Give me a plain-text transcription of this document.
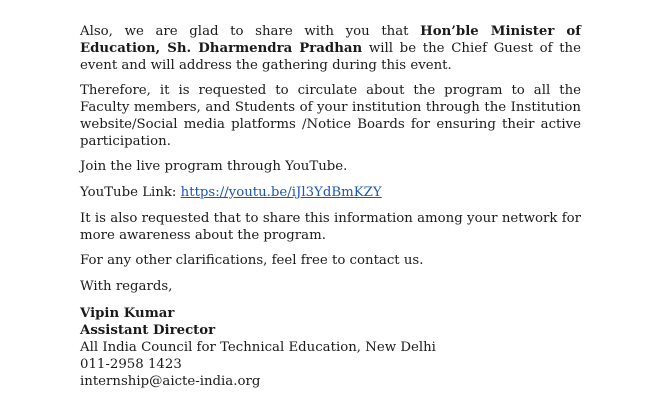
Also, we are glad to share with you that Hon’ble Minister of Education, Sh. Dharmendra Pradhan will be the Chief Guest of the event and will address the gathering during this event.

Therefore, it is requested to circulate about the program to all the Faculty members, and Students of your institution through the Institution website/Social media platforms /Notice Boards for ensuring their active participation.

Join the live program through YouTube.

YouTube Link: https://youtu.be/iJl3YdBmKZY

It is also requested that to share this information among your network for more awareness about the program.

For any other clarifications, feel free to contact us.

With regards,

Vipin Kumar
Assistant Director
All India Council for Technical Education, New Delhi
011-2958 1423
internship@aicte-india.org
